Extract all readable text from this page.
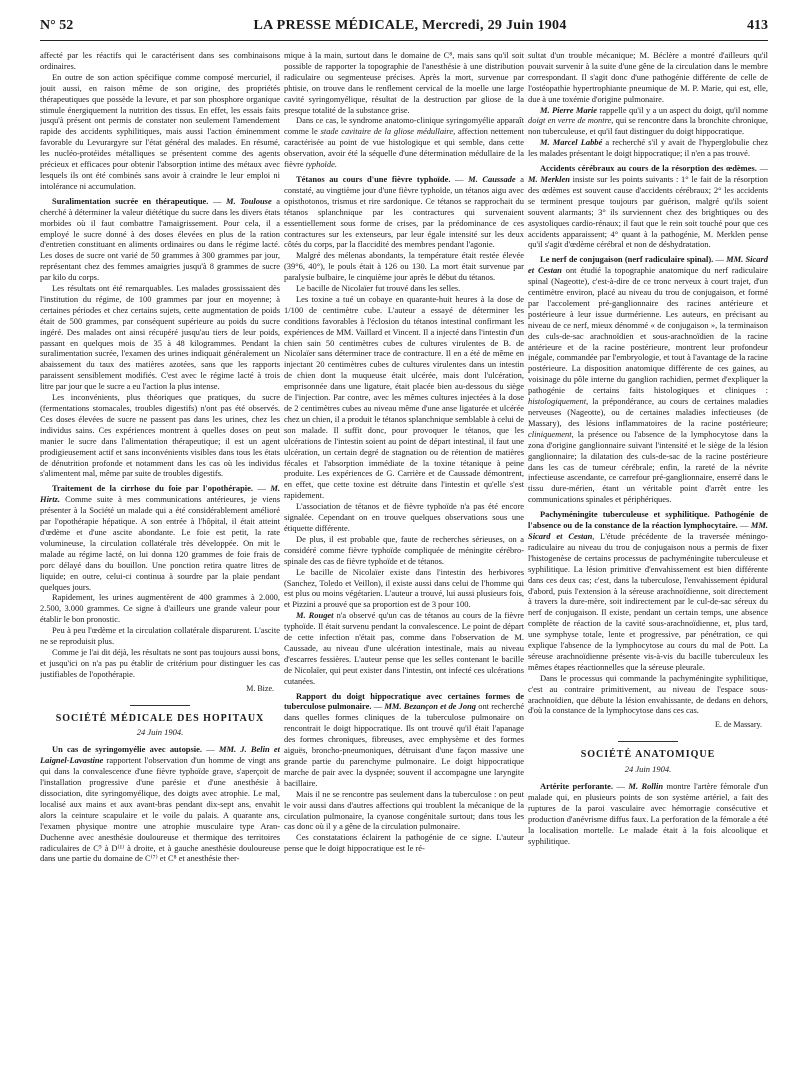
N° 52	LA PRESSE MÉDICALE, Mercredi, 29 Juin 1904	413

affecté par les réactifs qui le caractérisent dans ses combinaisons ordinaires.

En outre de son action spécifique comme composé mercuriel, il jouit aussi, en raison même de son origine, des propriétés thérapeutiques que possède la levure, et par son phosphore organique stimule énergiquement la nutrition des tissus. En effet, les essais faits jusqu'à présent ont permis de constater non seulement l'amendement rapide des accidents syphilitiques, mais aussi l'action éminemment favorable du Levurargyre sur l'état général des malades. En résumé, les nucléo-protéides métalliques se présentent comme des agents précieux et efficaces pour obtenir l'absorption intime des métaux avec lesquels ils ont été combinés sans avoir à craindre le leur emploi ni intolérance ni accumulation.

Suralimentation sucrée en thérapeutique. — M. Toulouse a cherché à déterminer la valeur diététique du sucre dans les divers états morbides où il faut combattre l'amaigrissement. Pour cela, il a employé le sucre donné à des doses élevées en plus de la ration d'entretien constituant en aliments ordinaires ou dans le régime lacté. Les doses de sucre ont varié de 50 grammes à 300 grammes par jour, représentant chez des femmes amaigries jusqu'à 8 grammes de sucre par kilo du corps.

Les résultats ont été remarquables. Les malades grossissaient dès l'institution du régime, de 100 grammes par jour en moyenne; à certaines périodes et chez certains sujets, cette augmentation de poids était de 500 grammes, par conséquent supérieure au poids du sucre ingéré. Des malades ont ainsi récupéré jusqu'au tiers de leur poids, passant en quelques mois de 35 à 48 kilogrammes. Pendant la suralimentation sucrée, l'examen des urines indiquait généralement un abaissement du taux des matières azotées, sans que les rapports paraissent sensiblement modifiés. C'est avec le régime lacté à trois litre par jour que le sucre a eu l'action la plus intense.

Les inconvénients, plus théoriques que pratiques, du sucre (fermentations stomacales, troubles digestifs) n'ont pas été observés. Ces doses élevées de sucre ne passent pas dans les urines, chez les individus sains. Ces expériences montrent à quelles doses on peut manier le sucre dans l'alimentation thérapeutique; il est un agent prodigieusement actif et sans inconvénients visibles dans tous les états de dénutrition profonde et notamment dans les cas où les individus s'alimentent mal, même par suite de troubles digestifs.

Traitement de la cirrhose du foie par l'opothérapie. — M. Hirtz. Comme suite à mes communications antérieures, je viens présenter à la Société un malade qui a été considérablement amélioré par l'opothérapie hépatique. A son entrée à l'hôpital, il était atteint d'œdème et d'une ascite abondante. Le foie est petit, la rate volumineuse, la circulation collatérale très développée. On mit le malade au régime lacté, on lui donna 120 grammes de foie frais de porc délayé dans du bouillon. Une ponction retira quatre litres de liquide; en outre, celui-ci continua à sourdre par la plaie pendant quelques jours.

Rapidement, les urines augmentèrent de 400 grammes à 2.000, 2.500, 3.000 grammes. Ce signe à d'ailleurs une grande valeur pour établir le bon pronostic.

Peu à peu l'œdème et la circulation collatérale disparurent. L'ascite ne se reproduisit plus.

Comme je l'ai dit déjà, les résultats ne sont pas toujours aussi bons, et jusqu'ici on n'a pas pu établir de critérium pour distinguer les cas justifiables de l'opothérapie.

M. Bize.
SOCIÉTÉ MÉDICALE DES HOPITAUX
24 Juin 1904.

Un cas de syringomyélie avec autopsie. — MM. J. Belin et Laignel-Lavastine rapportent l'observation d'un homme de vingt ans qui dans la convalescence d'une fièvre typhoïde grave, s'aperçoit de l'installation progressive d'une parésie et d'une anesthésie à dissociation, dite syringomyélique, des doigts avec atrophie. Le mal, localisé aux mains et aux avant-bras pendant dix-sept ans, envahit alors la ceinture scapulaire et le voile du palais. A quarante ans, l'examen physique montre une atrophie musculaire type Aran-Duchenne avec anesthésie douloureuse et thermique des territoires radiculaires de C⁵ à D⁽¹⁾ à droite, et à gauche anesthésie douloureuse dans une partie du domaine de C⁽⁷⁾ et C⁸ et anesthésie ther-

mique à la main, surtout dans le domaine de C⁸, mais sans qu'il soit possible de rapporter la topographie de l'anesthésie à une distribution radiculaire ou segmenteuse précises. Après la mort, survenue par phtisie, on trouve dans le renflement cervical de la moelle une large cavité syringomyélique, résultat de la destruction par gliose de la presque totalité de la substance grise.

Dans ce cas, le syndrome anatomo-clinique syringomyélie apparaît comme le stade cavitaire de la gliose médullaire, affection nettement caractérisée au point de vue histologique et qui semble, dans cette observation, avoir été la séquelle d'une détermination médullaire de la fièvre typhoïde.

Tétanos au cours d'une fièvre typhoïde. — M. Caussade a constaté, au vingtième jour d'une fièvre typhoïde, un tétanos aigu avec opisthotonos, trismus et rire sardonique. Ce tétanos se rapprochait du tétanos splanchnique par les contractures qui survenaient essentiellement sous forme de crises, par la prédominance de ces contractures sur les extenseurs, par leur égale intensité sur les deux côtés du corps, par la flaccidité des membres pendant l'agonie.

Malgré des mélenas abondants, la température était restée élevée (39°6, 40°), le pouls était à 126 ou 130. La mort était survenue par paralysie bulbaire, le cinquième jour après le début du tétanos.

Le bacille de Nicolaïer fut trouvé dans les selles.

Les toxine a tué un cobaye en quarante-huit heures à la dose de 1/100 de centimètre cube. L'auteur a essayé de déterminer les conditions favorables à l'éclosion du tétanos intestinal confirmant les expériences de MM. Vaillard et Vincent. Il a injecté dans l'intestin d'un chien sain 50 centimètres cubes de cultures virulentes de B. de Nicolaïer sans déterminer trace de contracture. Il en a été de même en injectant 20 centimètres cubes de cultures virulentes dans un intestin de chien dont la muqueuse était ulcérée, mais dont l'ulcération, emprisonnée dans une ligature, était placée bien au-dessous du siège de l'injection. Par contre, avec les mêmes cultures injectées à la dose de 2 centimètres cubes au niveau même d'une anse ligaturée et ulcérée chez un chien, il a produit le tétanos splanchnique semblable à celui de son malade. Il suffit donc, pour provoquer le tétanos, que les ulcérations de l'intestin soient au point de départ intestinal, il faut une ulcération, un certain degré de stagnation ou de rétention de matières fécales et l'absorption immédiate de la toxine tétanique à peine produite. Les expériences de G. Carrière et de Caussade démontrent, en effet, que cette toxine est détruite dans l'intestin et qu'elle s'est rapidement.

L'association de tétanos et de fièvre typhoïde n'a pas été encore signalée. Cependant on en trouve quelques observations sous une étiquette différente.

De plus, il est probable que, faute de recherches sérieuses, on a considéré comme fièvre typhoïde compliquée de méningite cérébro-spinale des cas de fièvre typhoïde et de tétanos.

Le bacille de Nicolaïer existe dans l'intestin des herbivores (Sanchez, Toledo et Veillon), il existe aussi dans celui de l'homme qui est plus ou moins végétarien. L'auteur a trouvé, lui aussi plusieurs fois, et Pizzini a prouvé que sa proportion est de 3 pour 100.

M. Rouget n'a observé qu'un cas de tétanos au cours de la fièvre typhoïde. Il était survenu pendant la convalescence. Le point de départ de cette infection n'était pas, comme dans l'observation de M. Caussade, au niveau d'une ulcération intestinale, mais au niveau d'escarres fessières. L'auteur pense que les selles contenant le bacille de Nicolaïer, qui peut exister dans l'intestin, ont infecté ces ulcérations cutanées.

Rapport du doigt hippocratique avec certaines formes de tuberculose pulmonaire. — MM. Bezançon et de Jong ont recherché dans quelles formes cliniques de la tuberculose pulmonaire on rencontrait le doigt hippocratique. Ils ont trouvé qu'il était l'apanage des formes chroniques, fibreuses, avec emphysème et des formes aiguës, broncho-pneumoniques, détruisant d'une façon massive une grande partie du parenchyme pulmonaire. Le doigt hippocratique marche de pair avec la dyspnée; souvent il accompagne une laryngite bacillaire.

Mais il ne se rencontre pas seulement dans la tuberculose : on peut le voir aussi dans d'autres affections qui troublent la mécanique de la circulation pulmonaire, la cyanose congénitale surtout; dans tous les cas donc où il y a gêne de la circulation pulmonaire.

Ces constatations éclairent la pathogénie de ce signe. L'auteur pense que le doigt hippocratique est le ré-

sultat d'un trouble mécanique; M. Béclère a montré d'ailleurs qu'il pouvait survenir à la suite d'une gêne de la circulation dans le membre correspondant. Il s'agit donc d'une pathogénie différente de celle de l'ostéopathie hypertrophiante pneumique de M. P. Marie, qui est, elle, due à une toxémie d'origine pulmonaire.

M. Pierre Marie rappelle qu'il y a un aspect du doigt, qu'il nomme doigt en verre de montre, qui se rencontre dans la bronchite chronique, non tuberculeuse, et qu'il faut distinguer du doigt hippocratique.

M. Marcel Labbé a recherché s'il y avait de l'hyperglobulie chez les malades présentant le doigt hippocratique; il n'en a pas trouvé.

Accidents cérébraux au cours de la résorption des œdèmes. — M. Merklen insiste sur les points suivants : 1° le fait de la résorption des œdèmes est souvent cause d'accidents cérébraux; 2° les accidents se terminent presque toujours par guérison, malgré qu'ils soient souvent alarmants; 3° ils surviennent chez des brightiques ou des asystoliques cardio-rénaux; il faut que le rein soit touché pour que ces accidents apparaissent; 4° quant à la pathogénie, M. Merklen pense qu'il s'agit d'œdème cérébral et non de déshydratation.

Le nerf de conjugaison (nerf radiculaire spinal). — MM. Sicard et Cestan ont étudié la topographie anatomique du nerf radiculaire spinal (Nageotte), c'est-à-dire de ce tronc nerveux à court trajet, d'un centimètre environ, placé au niveau du trou de conjugaison, et formé par l'accolement pré-ganglionnaire des racines antérieure et postérieure à leur issue durmérienne. Les auteurs, en précisant au niveau de ce nerf, mieux dénommé « de conjugaison », la terminaison des culs-de-sac arachnoïdien et sous-arachnoïdien de la racine antérieure et de la racine postérieure, montrent leur profondeur inégale, commandée par l'embryologie, et tout à l'avantage de la racine postérieure. La disposition anatomique différente de ces gaines, au voisinage du pôle interne du ganglion rachidien, permet d'expliquer la pathogénie de certains faits histologiques et cliniques : histologiquement, la prépondérance, au cours de certaines maladies nerveuses (Nageotte), ou de certaines maladies infectieuses (de Massary), des lésions inflammatoires de la racine postérieure; cliniquement, la présence ou l'absence de la lymphocytose dans la zona d'origine ganglionnaire suivant l'intensité et le siège de la lésion ganglionnaire; la dilatation des culs-de-sac de la racine postérieure dans les cas de tumeur cérébrale; enfin, la rareté de la névrite infectieuse ascendante, ce carrefour pré-ganglionnaire, enserré dans le tissu dure-mérien, étant un véritable point d'arrêt entre les communications spinales et périphériques.

Pachyméningite tuberculeuse et syphilitique. Pathogénie de l'absence ou de la constance de la réaction lymphocytaire. — MM. Sicard et Cestan, L'étude précédente de la traversée méningo-radiculaire au niveau du trou de conjugaison nous a permis de fixer l'histogenèse de certains processus de pachyméningite tuberculeuse et syphilitique. La lésion primitive d'envahissement est bien différente dans ces deux cas; c'est, dans la tuberculose, l'envahissement épidural d'abord, puis l'extension à la séreuse arachnoïdienne, soit directement à travers la dure-mère, soit indirectement par le cul-de-sac séreux du nerf de conjugaison. Il existe, pendant un certain temps, une absence complète de réaction de la cavité sous-arachnoïdienne, et, plus tard, une symphyse totale, lente et progressive, par pénétration, ce qui explique l'absence de la lymphocytose au cours du mal de Pott. La séreuse arachnoïdienne présente vis-à-vis du bacille tuberculeux les mêmes étapes réactionnelles que la séreuse pleurale.

Dans le processus qui commande la pachyméningite syphilitique, c'est au contraire primitivement, au niveau de l'espace sous-arachnoïdien, que débute la lésion envahissante, de dedans en dehors, d'où la constance de la lymphocytose dans ces cas.

E. de Massary.
SOCIÉTÉ ANATOMIQUE
24 Juin 1904.

Artérite perforante. — M. Rollin montre l'artère fémorale d'un malade qui, en plusieurs points de son système artériel, a fait des ruptures de la paroi vasculaire avec hémorragie consécutive et production d'anévrisme diffus faux. La perforation de la fémorale a été la localisation mortelle. Le malade était à la fois alcoolique et syphilitique.
